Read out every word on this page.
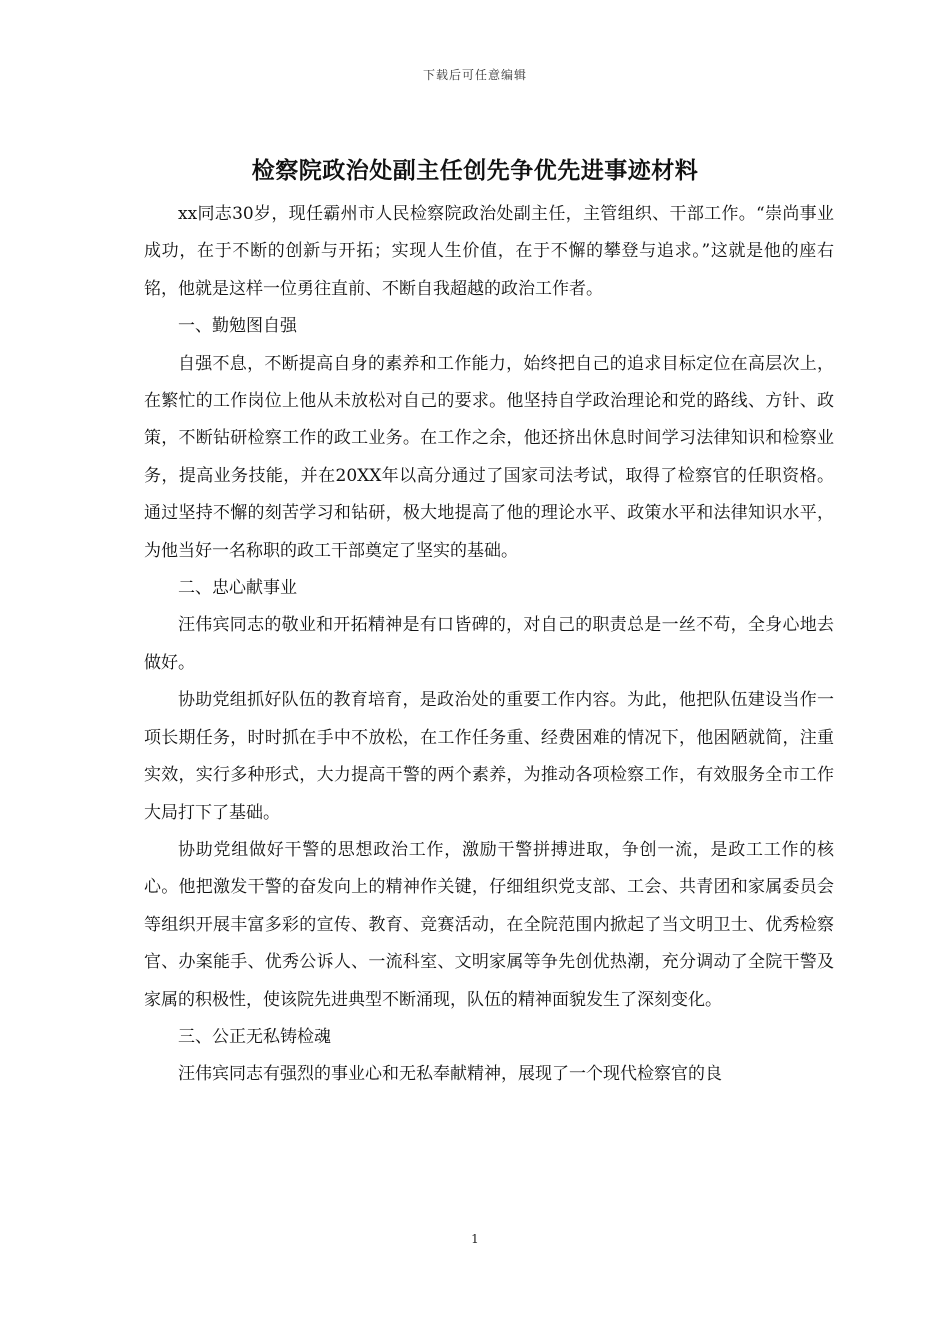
下载后可任意编辑
检察院政治处副主任创先争优先进事迹材料

xx同志30岁，现任霸州市人民检察院政治处副主任，主管组织、干部工作。“崇尚事业成功，在于不断的创新与开拓；实现人生价值，在于不懈的攀登与追求。”这就是他的座右铭，他就是这样一位勇往直前、不断自我超越的政治工作者。

一、勤勉图自强

自强不息，不断提高自身的素养和工作能力，始终把自己的追求目标定位在高层次上，在繁忙的工作岗位上他从未放松对自己的要求。他坚持自学政治理论和党的路线、方针、政策，不断钻研检察工作的政工业务。在工作之余，他还挤出休息时间学习法律知识和检察业务，提高业务技能，并在20XX年以高分通过了国家司法考试，取得了检察官的任职资格。通过坚持不懈的刻苦学习和钻研，极大地提高了他的理论水平、政策水平和法律知识水平，为他当好一名称职的政工干部奠定了坚实的基础。

二、忠心献事业

汪伟宾同志的敬业和开拓精神是有口皆碑的，对自己的职责总是一丝不苟，全身心地去做好。

协助党组抓好队伍的教育培育，是政治处的重要工作内容。为此，他把队伍建设当作一项长期任务，时时抓在手中不放松，在工作任务重、经费困难的情况下，他困陋就简，注重实效，实行多种形式，大力提高干警的两个素养，为推动各项检察工作，有效服务全市工作大局打下了基础。

协助党组做好干警的思想政治工作，激励干警拼搏进取，争创一流，是政工工作的核心。他把激发干警的奋发向上的精神作关键，仔细组织党支部、工会、共青团和家属委员会等组织开展丰富多彩的宣传、教育、竞赛活动，在全院范围内掀起了当文明卫士、优秀检察官、办案能手、优秀公诉人、一流科室、文明家属等争先创优热潮，充分调动了全院干警及家属的积极性，使该院先进典型不断涌现，队伍的精神面貌发生了深刻变化。

三、公正无私铸检魂

汪伟宾同志有强烈的事业心和无私奉献精神，展现了一个现代检察官的良

1
